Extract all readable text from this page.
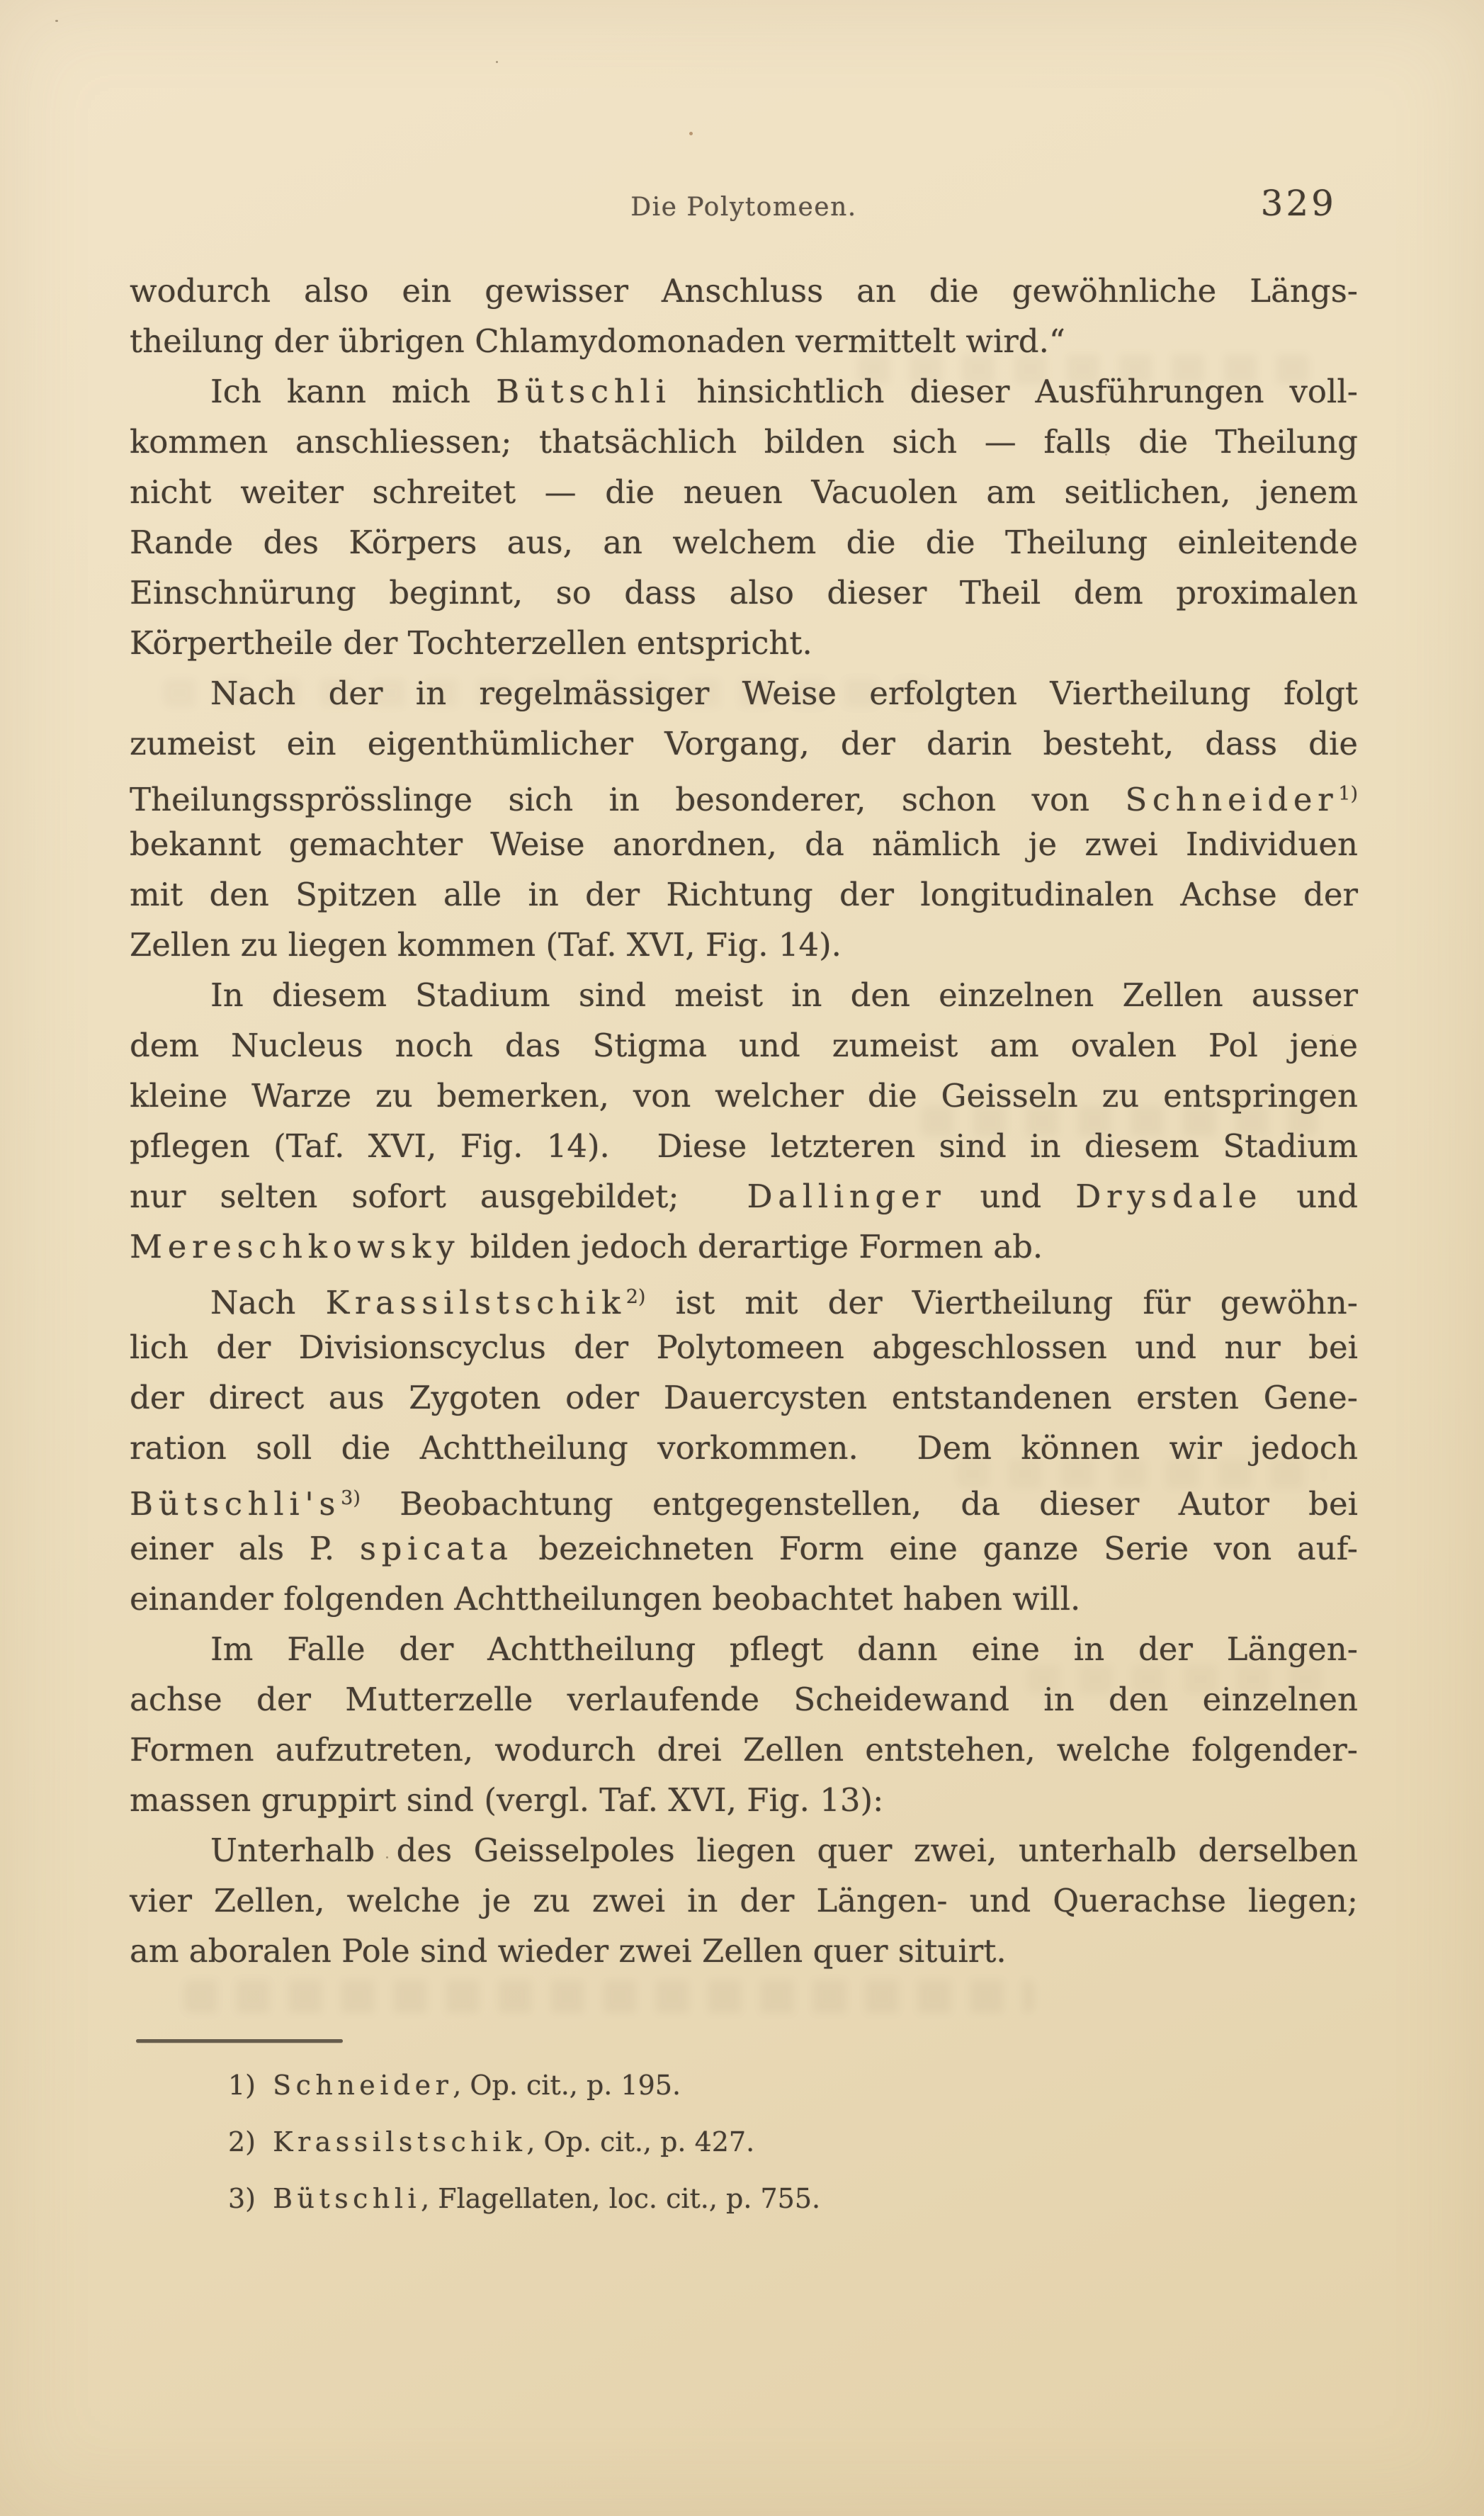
Die Polytomeen.	329
wodurch also ein gewisser Anschluss an die gewöhnliche Längs-
theilung der übrigen Chlamydomonaden vermittelt wird.“
Ich kann mich Bütschli hinsichtlich dieser Ausführungen voll-
kommen anschliessen; thatsächlich bilden sich — falls die Theilung
nicht weiter schreitet — die neuen Vacuolen am seitlichen, jenem
Rande des Körpers aus, an welchem die die Theilung einleitende
Einschnürung beginnt, so dass also dieser Theil dem proximalen
Körpertheile der Tochterzellen entspricht.
Nach der in regelmässiger Weise erfolgten Viertheilung folgt
zumeist ein eigenthümlicher Vorgang, der darin besteht, dass die
Theilungssprösslinge sich in besonderer, schon von Schneider$^{1)}$
bekannt gemachter Weise anordnen, da nämlich je zwei Individuen
mit den Spitzen alle in der Richtung der longitudinalen Achse der
Zellen zu liegen kommen (Taf. XVI, Fig. 14).
In diesem Stadium sind meist in den einzelnen Zellen ausser
dem Nucleus noch das Stigma und zumeist am ovalen Pol jene
kleine Warze zu bemerken, von welcher die Geisseln zu entspringen
pflegen (Taf. XVI, Fig. 14).  Diese letzteren sind in diesem Stadium
nur selten sofort ausgebildet;  Dallinger und Drysdale und
Mereschkowsky bilden jedoch derartige Formen ab.
Nach Krassilstschik$^{2)}$ ist mit der Viertheilung für gewöhn-
lich der Divisionscyclus der Polytomeen abgeschlossen und nur bei
der direct aus Zygoten oder Dauercysten entstandenen ersten Gene-
ration soll die Achttheilung vorkommen.  Dem können wir jedoch
$Bütschli's^{3)}$ Beobachtung entgegenstellen, da dieser Autor bei
einer als P. spicata bezeichneten Form eine ganze Serie von auf-
einander folgenden Achttheilungen beobachtet haben will.
Im Falle der Achttheilung pflegt dann eine in der Längen-
achse der Mutterzelle verlaufende Scheidewand in den einzelnen
Formen aufzutreten, wodurch drei Zellen entstehen, welche folgender-
massen gruppirt sind (vergl. Taf. XVI, Fig. 13):
Unterhalb des Geisselpoles liegen quer zwei, unterhalb derselben
vier Zellen, welche je zu zwei in der Längen- und Querachse liegen;
am aboralen Pole sind wieder zwei Zellen quer situirt.
1)  Schneider, Op. cit., p. 195.
2)  Krassilstschik, Op. cit., p. 427.
3)  Bütschli, Flagellaten, loc. cit., p. 755.
